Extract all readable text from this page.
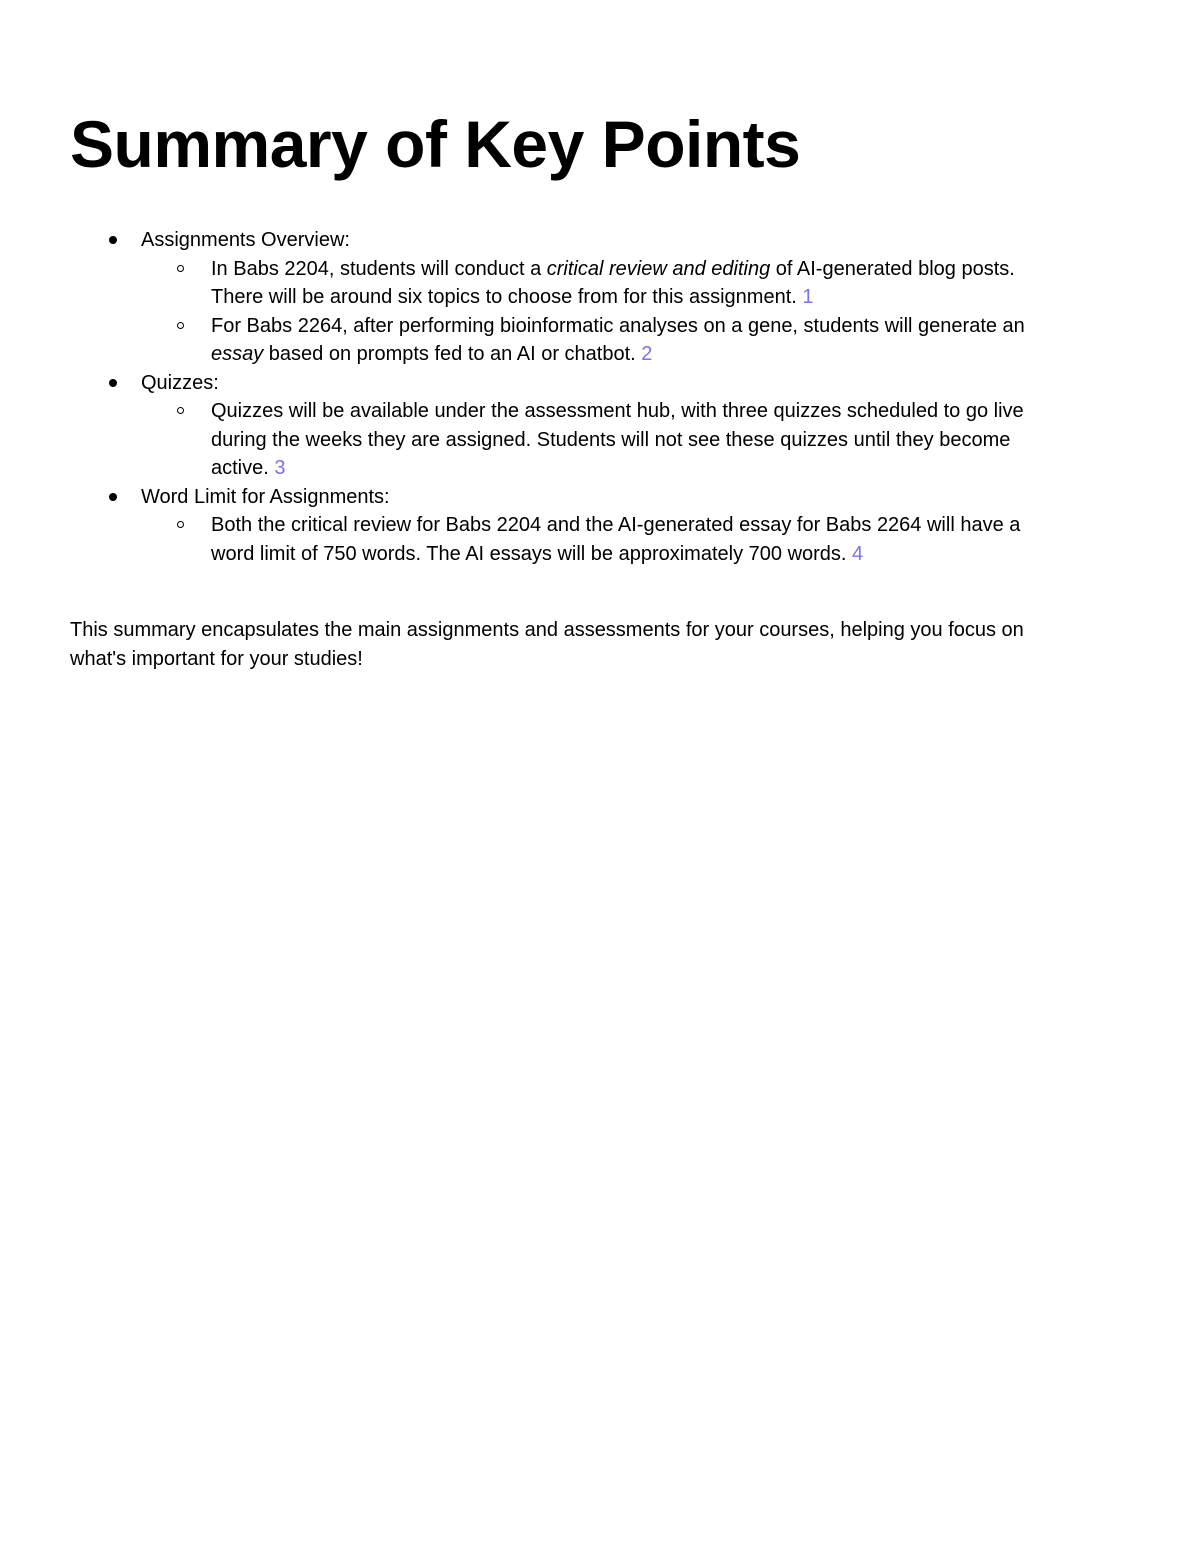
Summary of Key Points
Assignments Overview:
In Babs 2204, students will conduct a critical review and editing of AI-generated blog posts.
There will be around six topics to choose from for this assignment. 1
For Babs 2264, after performing bioinformatic analyses on a gene, students will generate an
essay based on prompts fed to an AI or chatbot. 2
Quizzes:
Quizzes will be available under the assessment hub, with three quizzes scheduled to go live
during the weeks they are assigned. Students will not see these quizzes until they become
active. 3
Word Limit for Assignments:
Both the critical review for Babs 2204 and the AI-generated essay for Babs 2264 will have a
word limit of 750 words. The AI essays will be approximately 700 words. 4

This summary encapsulates the main assignments and assessments for your courses, helping you focus on
what's important for your studies!
